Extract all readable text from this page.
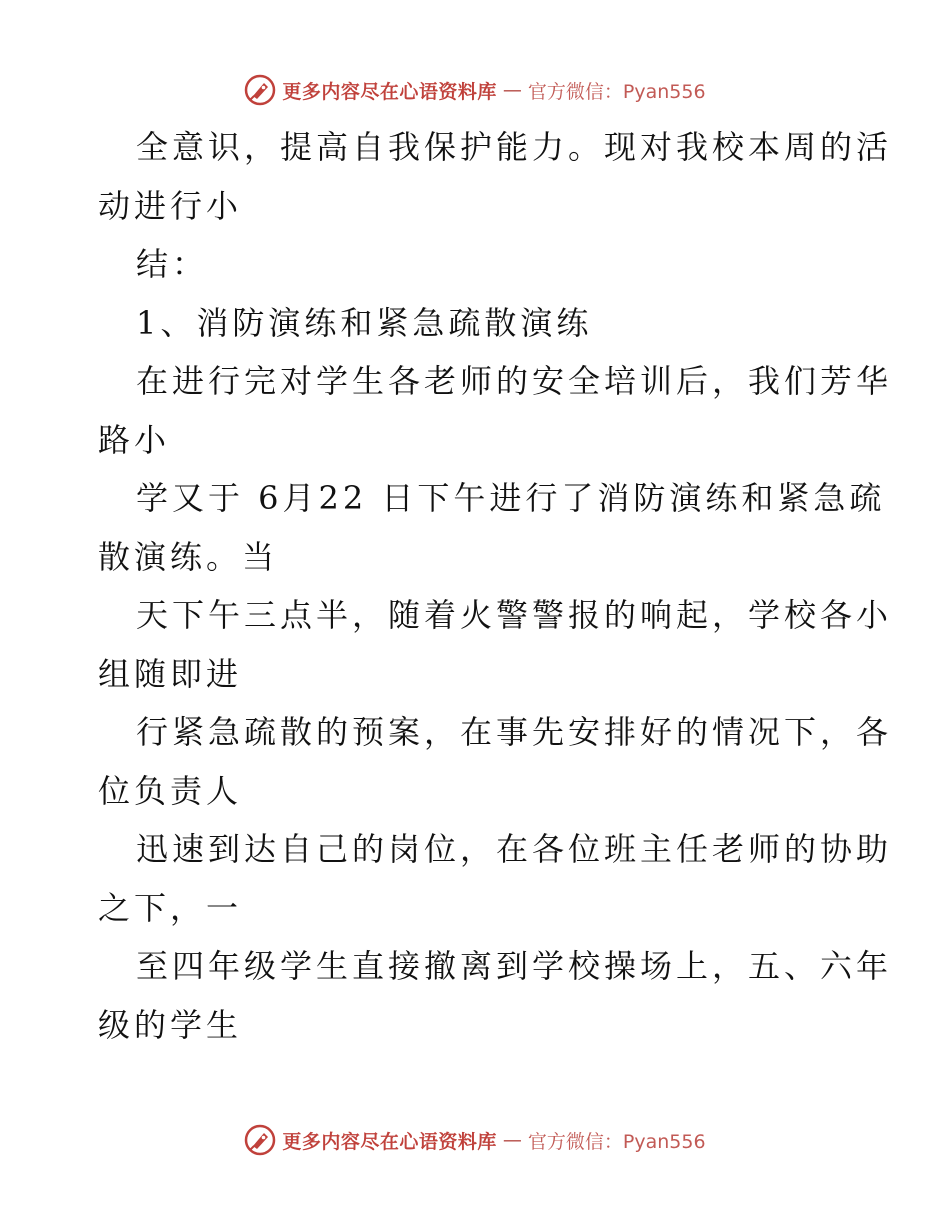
更多内容尽在心语资料库 — 官方微信：Pyan556
全意识，提高自我保护能力。现对我校本周的活
动进行小
结：
1、消防演练和紧急疏散演练
在进行完对学生各老师的安全培训后，我们芳华
路小
学又于 6月22 日下午进行了消防演练和紧急疏
散演练。当
天下午三点半，随着火警警报的响起，学校各小
组随即进
行紧急疏散的预案，在事先安排好的情况下，各
位负责人
迅速到达自己的岗位，在各位班主任老师的协助
之下，一
至四年级学生直接撤离到学校操场上，五、六年
级的学生
更多内容尽在心语资料库 — 官方微信：Pyan556
